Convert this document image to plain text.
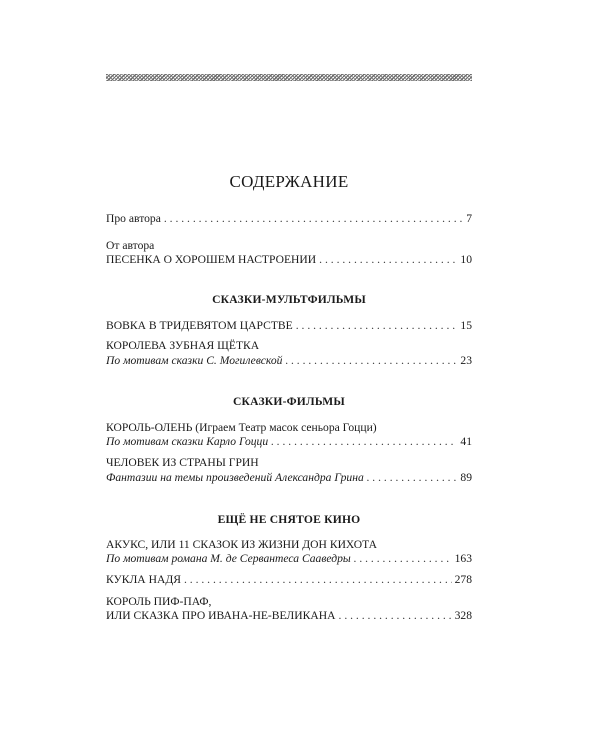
СОДЕРЖАНИЕ
Про автора . . .	7
От автора
ПЕСЕНКА О ХОРОШЕМ НАСТРОЕНИИ . . .	10
СКАЗКИ-МУЛЬТФИЛЬМЫ
ВОВКА В ТРИДЕВЯТОМ ЦАРСТВЕ . . .	15
КОРОЛЕВА ЗУБНАЯ ЩЁТКА
По мотивам сказки С. Могилевской . . .	23
СКАЗКИ-ФИЛЬМЫ
КОРОЛЬ-ОЛЕНЬ (Играем Театр масок сеньора Гоцци)
По мотивам сказки Карло Гоцци . . .	41
ЧЕЛОВЕК ИЗ СТРАНЫ ГРИН
Фантазии на темы произведений Александра Грина . . .	89
ЕЩЁ НЕ СНЯТОЕ КИНО
АКУКС, ИЛИ 11 СКАЗОК ИЗ ЖИЗНИ ДОН КИХОТА
По мотивам романа М. де Сервантеса Сааведры . . .	163
КУКЛА НАДЯ . . .	278
КОРОЛЬ ПИФ-ПАФ,
ИЛИ СКАЗКА ПРО ИВАНА-НЕ-ВЕЛИКАНА . . .	328
